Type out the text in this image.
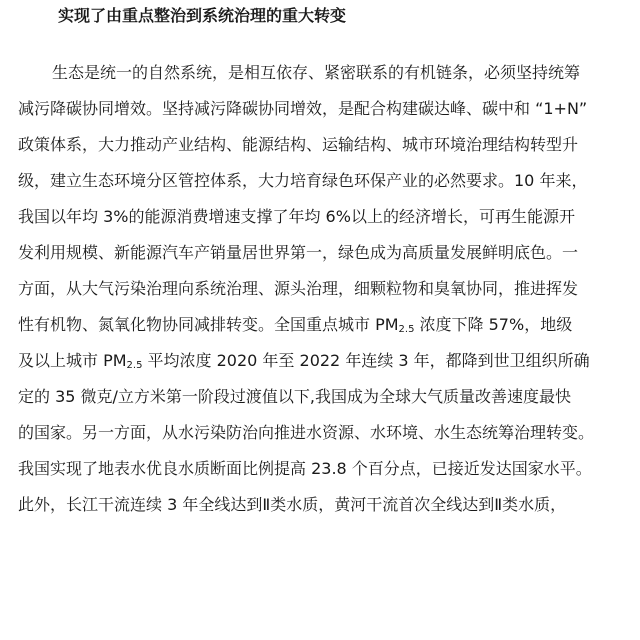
实现了由重点整治到系统治理的重大转变
生态是统一的自然系统，是相互依存、紧密联系的有机链条，必须坚持统筹
减污降碳协同增效。坚持减污降碳协同增效，是配合构建碳达峰、碳中和 “1+N”
政策体系，大力推动产业结构、能源结构、运输结构、城市环境治理结构转型升
级，建立生态环境分区管控体系，大力培育绿色环保产业的必然要求。10 年来，
我国以年均 3%的能源消费增速支撑了年均 6%以上的经济增长，可再生能源开
发利用规模、新能源汽车产销量居世界第一，绿色成为高质量发展鲜明底色。一
方面，从大气污染治理向系统治理、源头治理，细颗粒物和臭氧协同，推进挥发
性有机物、氮氧化物协同减排转变。全国重点城市 $PM_{2.5}$ 浓度下降 57%，地级
及以上城市 $PM_{2.5}$ 平均浓度 2020 年至 2022 年连续 3 年，都降到世卫组织所确
定的 35 微克/立方米第一阶段过渡值以下,我国成为全球大气质量改善速度最快
的国家。另一方面，从水污染防治向推进水资源、水环境、水生态统筹治理转变。
我国实现了地表水优良水质断面比例提高 23.8 个百分点，已接近发达国家水平。
此外，长江干流连续 3 年全线达到Ⅱ类水质，黄河干流首次全线达到Ⅱ类水质，
